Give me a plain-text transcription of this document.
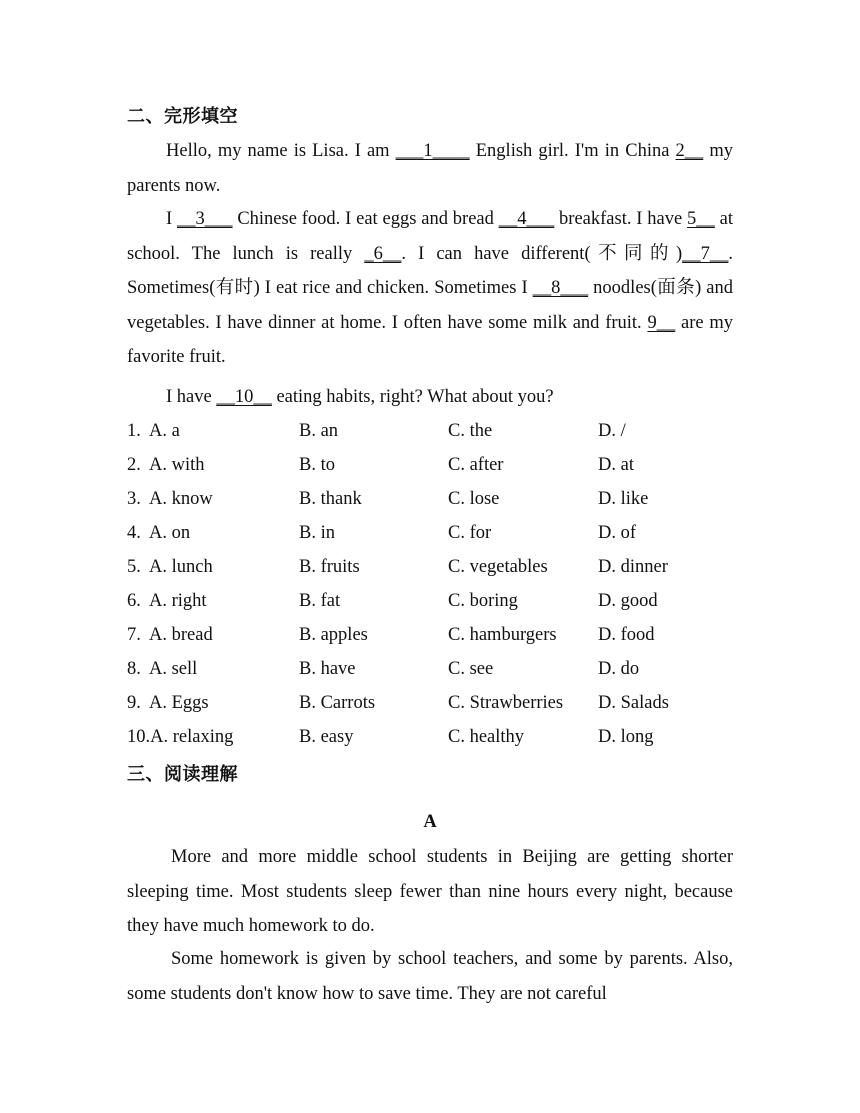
二、完形填空
Hello, my name is Lisa. I am ___1____ English girl. I'm in China 2__ my parents now.
I __3___ Chinese food. I eat eggs and bread __4___ breakfast. I have 5__ at school. The lunch is really _6__. I can have different(不同的)__7__. Sometimes(有时) I eat rice and chicken. Sometimes I __8___ noodles(面条) and vegetables. I have dinner at home. I often have some milk and fruit. 9__ are my favorite fruit.
I have __10__ eating habits, right? What about you?
1. A. a	B. an	C. the	D. /
2. A. with	B. to	C. after	D. at
3. A. know	B. thank	C. lose	D. like
4. A. on	B. in	C. for	D. of
5. A. lunch	B. fruits	C. vegetables	D. dinner
6. A. right	B. fat	C. boring	D. good
7. A. bread	B. apples	C. hamburgers D. food
8. A. sell	B. have	C. see	D. do
9. A. Eggs	B. Carrots	C. Strawberries D. Salads
10.A. relaxing	B. easy	C. healthy	D. long
三、阅读理解
A
More and more middle school students in Beijing are getting shorter sleeping time. Most students sleep fewer than nine hours every night, because they have much homework to do.
Some homework is given by school teachers, and some by parents. Also, some students don't know how to save time. They are not careful
